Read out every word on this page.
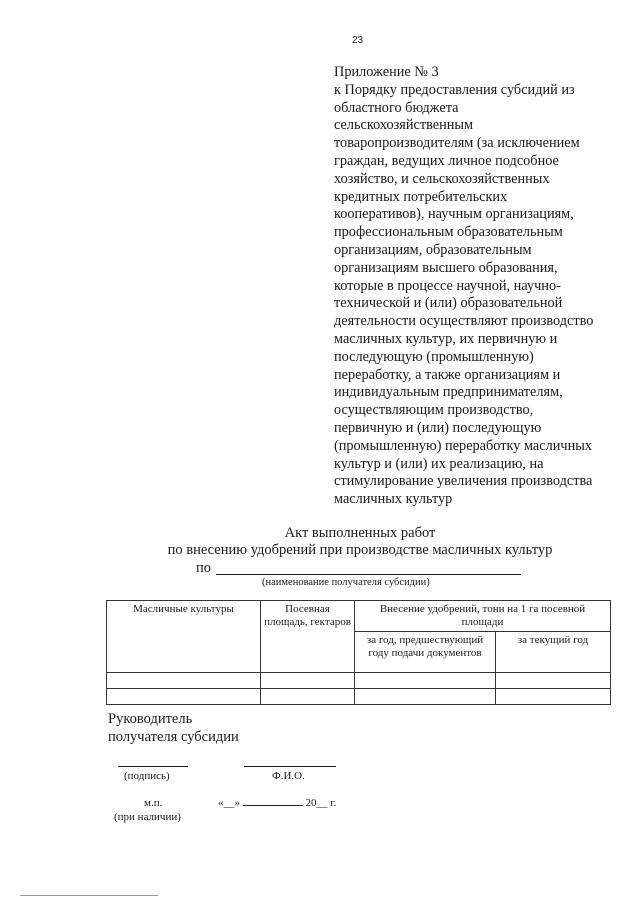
23
Приложение № 3
к Порядку предоставления субсидий из
областного бюджета
сельскохозяйственным
товаропроизводителям (за исключением
граждан, ведущих личное подсобное
хозяйство, и сельскохозяйственных
кредитных потребительских
кооперативов), научным организациям,
профессиональным образовательным
организациям, образовательным
организациям высшего образования,
которые в процессе научной, научно-
технической и (или) образовательной
деятельности осуществляют производство
масличных культур, их первичную и
последующую (промышленную)
переработку, а также организациям и
индивидуальным предпринимателям,
осуществляющим производство,
первичную и (или) последующую
(промышленную) переработку масличных
культур и (или) их реализацию, на
стимулирование увеличения производства
масличных культур
Акт выполненных работ
по внесению удобрений при производстве масличных культур
по
(наименование получателя субсидии)
Масличные культуры	Посевная площадь, гектаров	Внесение удобрений, тонн на 1 га посевной площади	
		за год, предшествующий году подачи документов	за текущий год

Руководитель
получателя субсидии
(подпись)	Ф.И.О.
м.п.	«__»	20__ г.
(при наличии)
